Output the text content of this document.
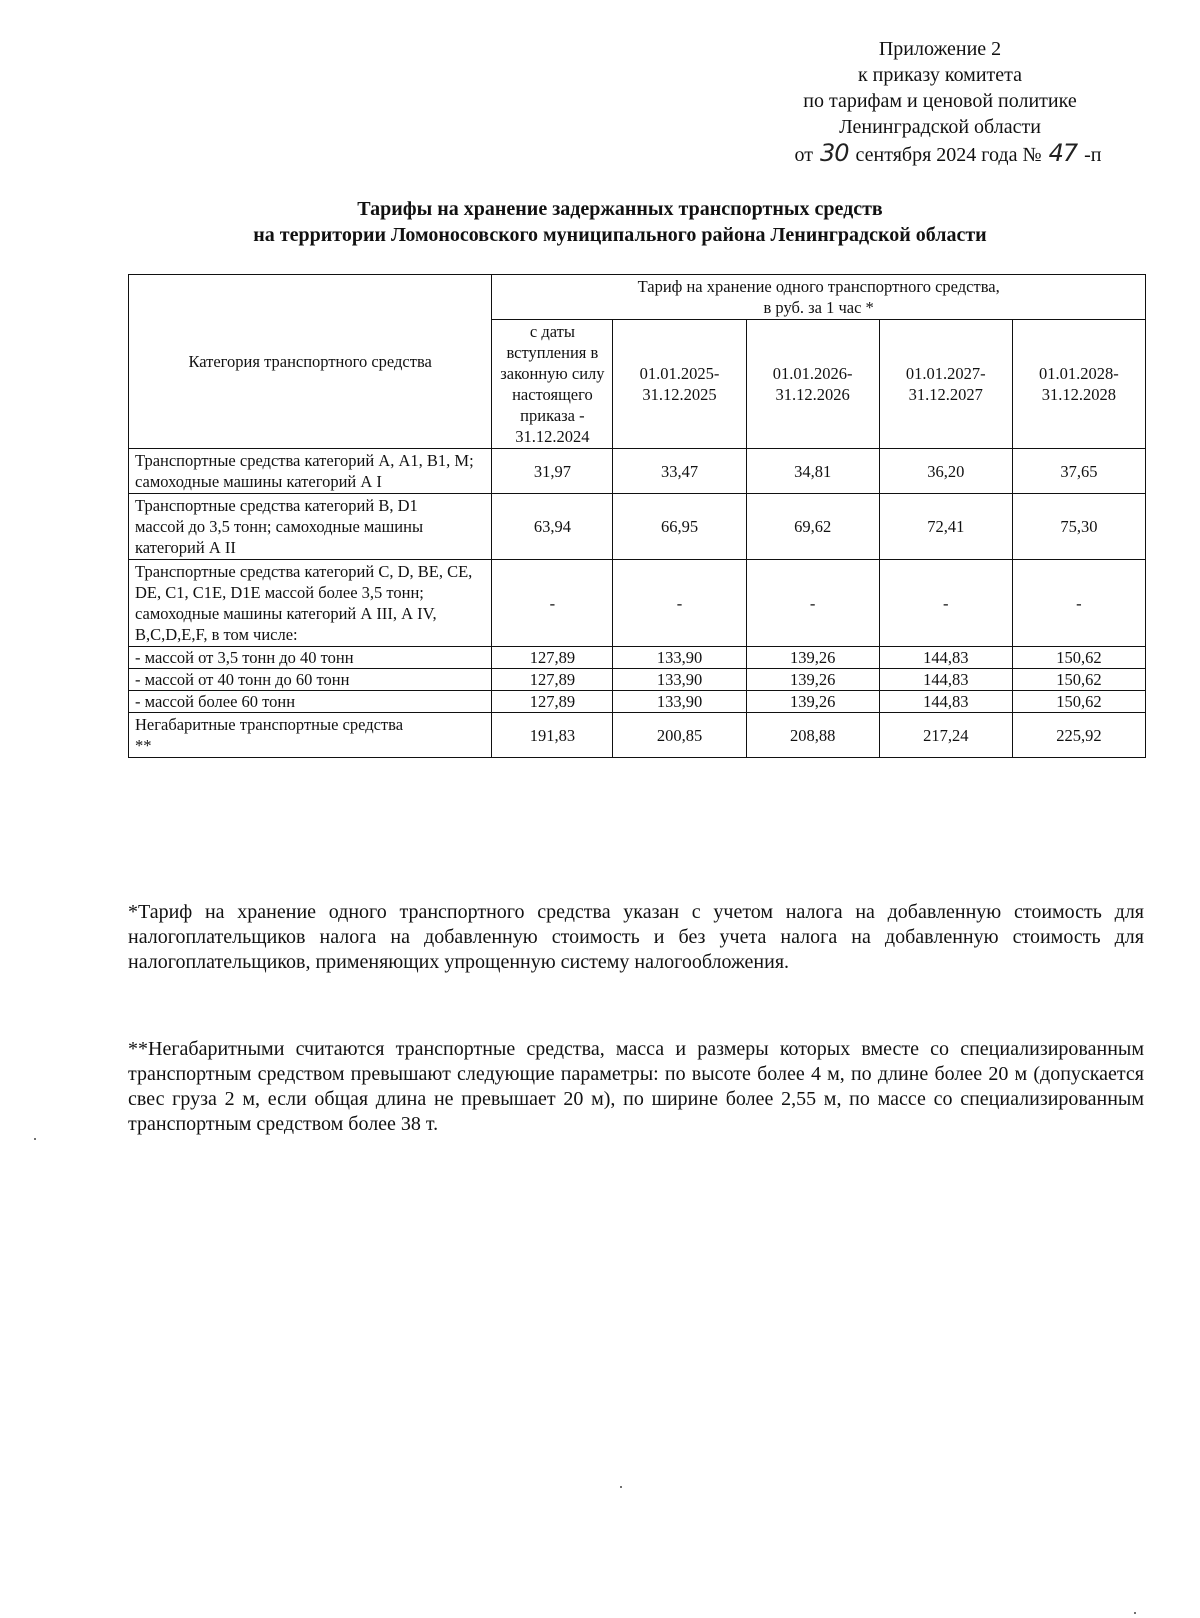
Приложение 2
к приказу комитета
по тарифам и ценовой политике
Ленинградской области
от 30 сентября 2024 года № 47 -п
Тарифы на хранение задержанных транспортных средств
на территории Ломоносовского муниципального района Ленинградской области
Категория транспортного средства	Тариф на хранение одного транспортного средства,
в руб. за 1 час *				

	с даты вступления в законную силу настоящего приказа - 31.12.2024	01.01.2025- 31.12.2025	01.01.2026- 31.12.2026	01.01.2027- 31.12.2027	01.01.2028- 31.12.2028
Транспортные средства категорий А, А1, В1, М; самоходные машины категорий А I	31,97	33,47	34,81	36,20	37,65

Транспортные средства категорий В, D1
массой до 3,5 тонн; самоходные машины категорий А II	63,94	66,95	69,62	72,41	75,30
Транспортные средства категорий С, D, ВЕ, СЕ, DE, C1, C1E, D1E массой более 3,5 тонн; самоходные машины категорий А III, А IV, B,C,D,E,F, в том числе:	-	-	-	-	-
- массой от 3,5 тонн до 40 тонн	127,89	133,90	139,26	144,83	150,62
- массой от 40 тонн до 60 тонн	127,89	133,90	139,26	144,83	150,62
- массой более 60 тонн	127,89	133,90	139,26	144,83	150,62

Негабаритные транспортные средства
**	191,83	200,85	208,88	217,24	225,92

*Тариф на хранение одного транспортного средства указан с учетом налога на добавленную стоимость для налогоплательщиков налога на добавленную стоимость и без учета налога на добавленную стоимость для налогоплательщиков, применяющих упрощенную систему налогообложения.

**Негабаритными считаются транспортные средства, масса и размеры которых вместе со специализированным транспортным средством превышают следующие параметры: по высоте более 4 м, по длине более 20 м (допускается свес груза 2 м, если общая длина не превышает 20 м), по ширине более 2,55 м, по массе со специализированным транспортным средством более 38 т.
